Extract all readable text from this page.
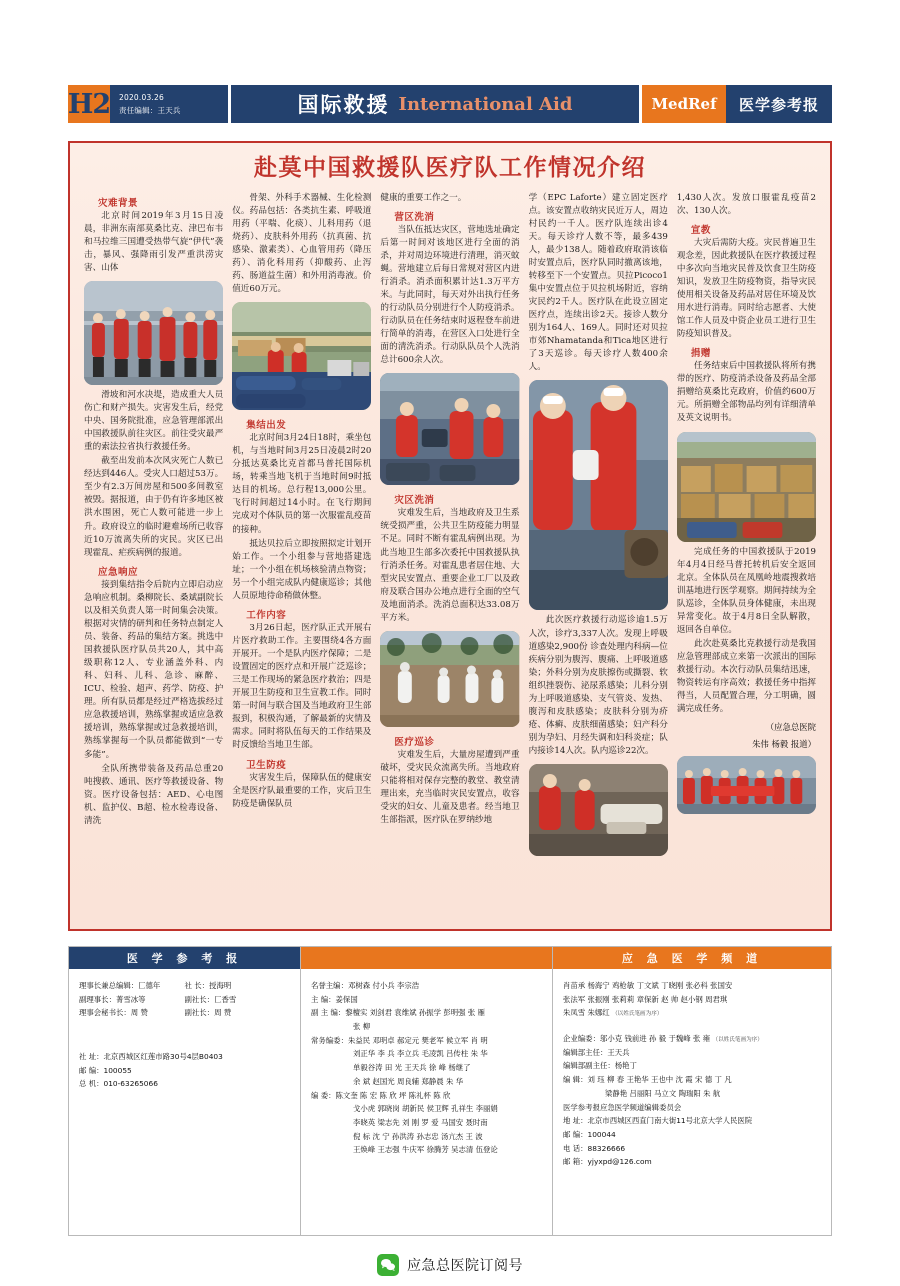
H2 2020.03.26
责任编辑：王天兵	国际救援 International Aid	MedRef	医学参考报
赴莫中国救援队医疗队工作情况介绍
灾难背景
北京时间2019年3月15日凌晨，非洲东南部莫桑比克、津巴布韦和马拉维三国遭受热带气旋“伊代”袭击，暴风、强降雨引发严重洪涝灾害、山体
滑坡和河水决堤，造成重大人员伤亡和财产损失。灾害发生后，经党中央、国务院批准，应急管理部派出中国救援队前往灾区。前往受灾最严重的索法拉省执行救援任务。
截至出发前本次风灾死亡人数已经达到446人。受灾人口超过53万。至少有2.3万间房屋和500多间教室被毁。据报道，由于仍有许多地区被洪水围困，死亡人数可能进一步上升。政府设立的临时避难场所已收容近10万流离失所的灾民。灾区已出现霍乱、疟疾病例的报道。
应急响应
接到集结指令后院内立即启动应急响应机制。桑柳院长、桑斌副院长以及相关负责人第一时间集会决策。根据对灾情的研判和任务特点制定人员、装备、药品的集结方案。挑选中国救援队医疗队员共20人，其中高级职称12人、专业涵盖外科、内科、妇科、儿科、急诊、麻醉、ICU、检验、超声、药学、防疫、护理。所有队员都是经过严格选拔经过应急救援培训，熟练掌握或适应急救援培训，熟练掌握或过急救援培训，熟练掌握每一个队员都能做到“一专多能”。
全队所携带装备及药品总重20吨搜救、通讯、医疗等救援设备、物资。医疗设备包括：AED、心电图机、监护仪、B超、检水检毒设备、清洗
骨架、外科手术器械、生化检测仪。药品包括：各类抗生素、呼吸道用药（平喘、化痰）、儿科用药（退烧药）、皮肤科外用药（抗真菌、抗感染、激素类）、心血管用药（降压药）、消化科用药（抑酸药、止泻药、肠道益生菌）和外用消毒液。价值近60万元。
集结出发
北京时间3月24日18时，乘坐包机，与当地时间3月25日凌晨2时20分抵达莫桑比克首都马普托国际机场，转乘当地飞机于当地时间9时抵达目的机场。总行程13,000公里。飞行时间超过14小时。在飞行期间完成对个体队员的第一次服霍乱疫苗的接种。
抵达贝拉后立即按照拟定计划开始工作。一个小组参与营地搭建选址；一个小组在机场核验清点物资；另一个小组完成队内健康巡诊；其他人员原地待命稍做休整。
工作内容
3月26日起，医疗队正式开展右片医疗救助工作。主要围绕4各方面开展开。一个是队内医疗保障；二是设置固定的医疗点和开展广泛巡诊；三是工作现场的紧急医疗救治；四是开展卫生防疫和卫生宣教工作。同时第一时间与联合国及当地政府卫生部报到，积极沟通，了解最新的灾情及需求。同时将队伍每天的工作结果及时反馈给当地卫生部。
卫生防疫
灾害发生后，保障队伍的健康安全是医疗队最重要的工作，灾后卫生防疫是确保队员
健康的重要工作之一。
营区洗消
当队伍抵达灾区，营地选址确定后第一时间对该地区进行全面的消杀，并对周边环境进行清理，消灭蚊蝇。营地建立后每日常规对营区内进行消杀。消杀面积累计达1.3万平方米。与此同时，每天对外出执行任务的行动队员分别进行个人防疫消杀。行动队员在任务结束时返程登车前进行简单的消毒，在营区入口处进行全面的清洗消杀。行动队队员个人洗消总计600余人次。
灾区洗消
灾难发生后，当地政府及卫生系统受损严重，公共卫生防疫能力明显不足。同时不断有霍乱病例出现。为此当地卫生部多次委托中国救援队执行消杀任务。对霍乱患者居住地、大型灾民安置点、重要企业工厂以及政府及联合国办公地点进行全面的空气及地面消杀。洗消总面积达33.08万平方米。
医疗巡诊
灾难发生后，大量房屋遭到严重破坏，受灾民众流离失所。当地政府只能将相对保存完整的教堂、教堂清理出来，充当临时灾民安置点，收容受灾的妇女、儿童及患者。经当地卫生部指派，医疗队在罗纳纱地
学（EPC Laforte）建立固定医疗点。该安置点收纳灾民近万人，周边村民约一千人。医疗队连续出诊4天。每天诊疗人数不等，最多439人，最少138人。随着政府取消该临时安置点后，医疗队同时撤离该地，转移至下一个安置点。贝拉Picoco1集中安置点位于贝拉机场附近，容纳灾民约2千人。医疗队在此设立固定医疗点，连续出诊2天。接诊人数分别为164人、169人。同时还对贝拉市郊Nhamatanda和Tica地区进行了3天巡诊。每天诊疗人数400余人。
此次医疗救援行动巡诊逾1.5万人次，诊疗3,337人次。发现上呼吸道感染2,900份 诊查处理内科病—位疾病分别为腹泻、腹痛、上呼吸道感染；外科分别为皮肤擦伤或撕裂、软组织挫裂伤、泌尿系感染；儿科分别为上呼吸道感染、支气管炎、发热、腹泻和皮肤感染；皮肤科分别为疥疮、体癣、皮肤细菌感染；妇产科分别为孕妇、月经失调和妇科炎症；队内接诊14人次。队内巡诊22次。
1,430人次。发放口服霍乱疫苗2次、130人次。
宣教
大灾后需防大疫。灾民普遍卫生观念差，因此救援队在医疗救援过程中多次向当地灾民普及饮食卫生防疫知识，发放卫生防疫物资，指导灾民使用相关设备及药品对居住环境及饮用水进行消毒。同时给志愿者、大使馆工作人员及中资企业员工进行卫生防疫知识普及。
捐赠
任务结束后中国救援队将所有携带的医疗、防疫消杀设备及药品全部捐赠给莫桑比克政府，价值约600万元。所捐赠全部物品均列有详细清单及英文说明书。
完成任务的中国救援队于2019年4月4日经马普托转机后安全返回北京。全体队员在凤凰岭地震搜救培训基地进行医学观察。期间持续为全队巡诊，全体队员身体健康，未出现异常变化。故于4月8日全队解散，返回各自单位。
此次赴莫桑比克救援行动是我国应急管理部成立来第一次派出的国际救援行动。本次行动队员集结迅速，物资转运有序高效；救援任务中指挥得当，人员配置合理，分工明确，圆满完成任务。
（应急总医院
朱伟 杨毅 报道）
医 学 参 考 报
理事长兼总编辑：匚德年
副理事长：菁雪冰等
理事会秘书长：周 赞
社 长：授海明
副社长：匚香雪
副社长：周 赞
社 址：北京西城区红莲市路30号4层B0403
邮 编：100055
总 机：010-63265066

名誉主编：邓树森 付小兵 李宗浩
主 编：姜保国
副 主 编：黎檀实 刘剑君 袁维斌 孙振学 彭明强 张 雁
张 柳
常务编委：朱益民 邓明卓 郝定元 樊老军 候立军 肖 明
刘正华 李 兵 李立兵 毛凌凯 吕传柱 朱 华
单毅谷涛 田 光 王天兵 徐 峰 杨继了
余 斌 赵国光 周良辅 郑静晨 朱 华
编 委：陈文奎 陈 宏 陈 欣 坪 陈礼杯 陈 欣
戈小虎 郭晓岗 胡新民 侯卫辉 孔祥生 李丽娟
李晓英 梁志先 刘 刚 罗 爱 马国安 聂时南
倪 标 沈 宁 孙洪涛 孙志忠 汤亢杰 王 波
王焕峰 王志强 牛庆军 徐腾芳 吴志清 伍登论
应 急 医 学 频 道
肖苗承 杨海宁 鸡枪敏 丁文斌 丁晓刚 张必科 张国安
张法军 张振刚 张莉莉 章保新 赵 帅 赵小钢 周君琪
朱凤雪 朱娜红 （以姓氏笔画为序）
企业编委：邬小克 钱前进 孙 毅 于魏峰 张 雍 （以姓氏笔画为序）
编辑部主任：王天兵
编辑部副主任：杨艳丁
编 辑：刘 珏 柳 春 王艳华 王也中 沈 霞 宋 德 丁 凡
梁静艳 吕丽阳 马立文 陶瑞阳 朱 航
医学参考报应急医学频道编辑委员会
地 址：北京市西城区西直门南大街11号北京大学人民医院
邮 编：100044
电 话：88326666
邮 箱：yjyxpd@126.com
应急总医院订阅号
